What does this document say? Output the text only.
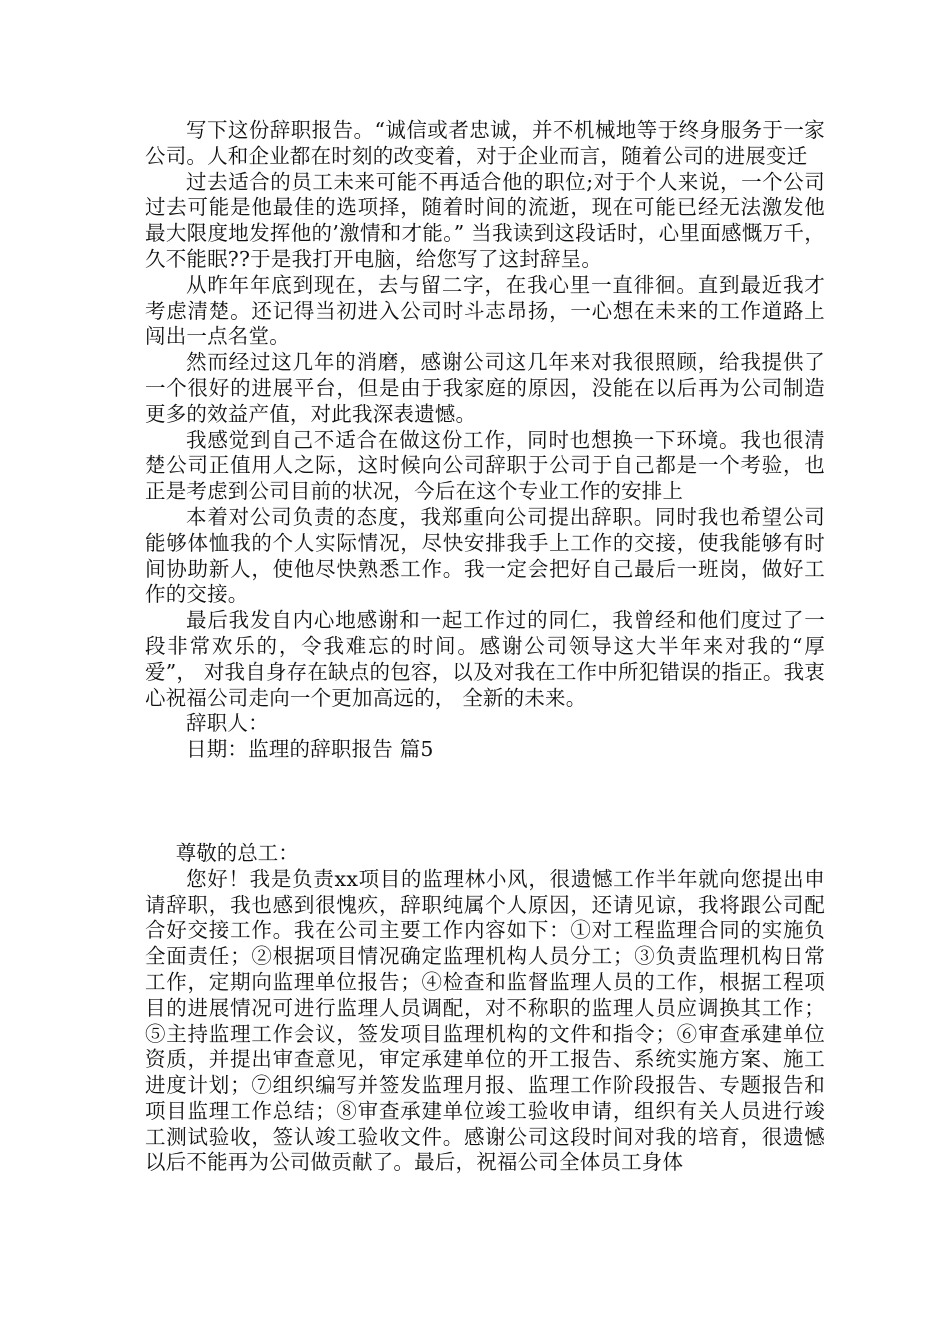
写下这份辞职报告。“诚信或者忠诚，并不机械地等于终身服务于一家公司。人和企业都在时刻的改变着，对于企业而言，随着公司的进展变迁

过去适合的员工未来可能不再适合他的职位;对于个人来说，一个公司过去可能是他最佳的选项择，随着时间的流逝，现在可能已经无法激发他最大限度地发挥他的’激情和才能。” 当我读到这段话时，心里面感慨万千，久不能眠??于是我打开电脑，给您写了这封辞呈。

从昨年年底到现在，去与留二字，在我心里一直徘徊。直到最近我才考虑清楚。还记得当初进入公司时斗志昂扬，一心想在未来的工作道路上闯出一点名堂。

然而经过这几年的消磨，感谢公司这几年来对我很照顾，给我提供了一个很好的进展平台，但是由于我家庭的原因，没能在以后再为公司制造更多的效益产值，对此我深表遗憾。

我感觉到自己不适合在做这份工作，同时也想换一下环境。我也很清楚公司正值用人之际，这时候向公司辞职于公司于自己都是一个考验，也正是考虑到公司目前的状况，今后在这个专业工作的安排上

本着对公司负责的态度，我郑重向公司提出辞职。同时我也希望公司能够体恤我的个人实际情况，尽快安排我手上工作的交接，使我能够有时间协助新人，使他尽快熟悉工作。我一定会把好自己最后一班岗，做好工作的交接。

最后我发自内心地感谢和一起工作过的同仁，我曾经和他们度过了一段非常欢乐的，令我难忘的时间。感谢公司领导这大半年来对我的“厚爱”， 对我自身存在缺点的包容，以及对我在工作中所犯错误的指正。我衷心祝福公司走向一个更加高远的， 全新的未来。

辞职人：

日期：监理的辞职报告 篇5

尊敬的总工：

您好！我是负责xx项目的监理林小风，很遗憾工作半年就向您提出申请辞职，我也感到很愧疚，辞职纯属个人原因，还请见谅，我将跟公司配合好交接工作。我在公司主要工作内容如下：①对工程监理合同的实施负全面责任；②根据项目情况确定监理机构人员分工；③负责监理机构日常工作，定期向监理单位报告；④检查和监督监理人员的工作，根据工程项目的进展情况可进行监理人员调配，对不称职的监理人员应调换其工作；⑤主持监理工作会议，签发项目监理机构的文件和指令；⑥审查承建单位资质，并提出审查意见，审定承建单位的开工报告、系统实施方案、施工进度计划；⑦组织编写并签发监理月报、监理工作阶段报告、专题报告和项目监理工作总结；⑧审查承建单位竣工验收申请，组织有关人员进行竣工测试验收，签认竣工验收文件。感谢公司这段时间对我的培育，很遗憾以后不能再为公司做贡献了。最后，祝福公司全体员工身体
